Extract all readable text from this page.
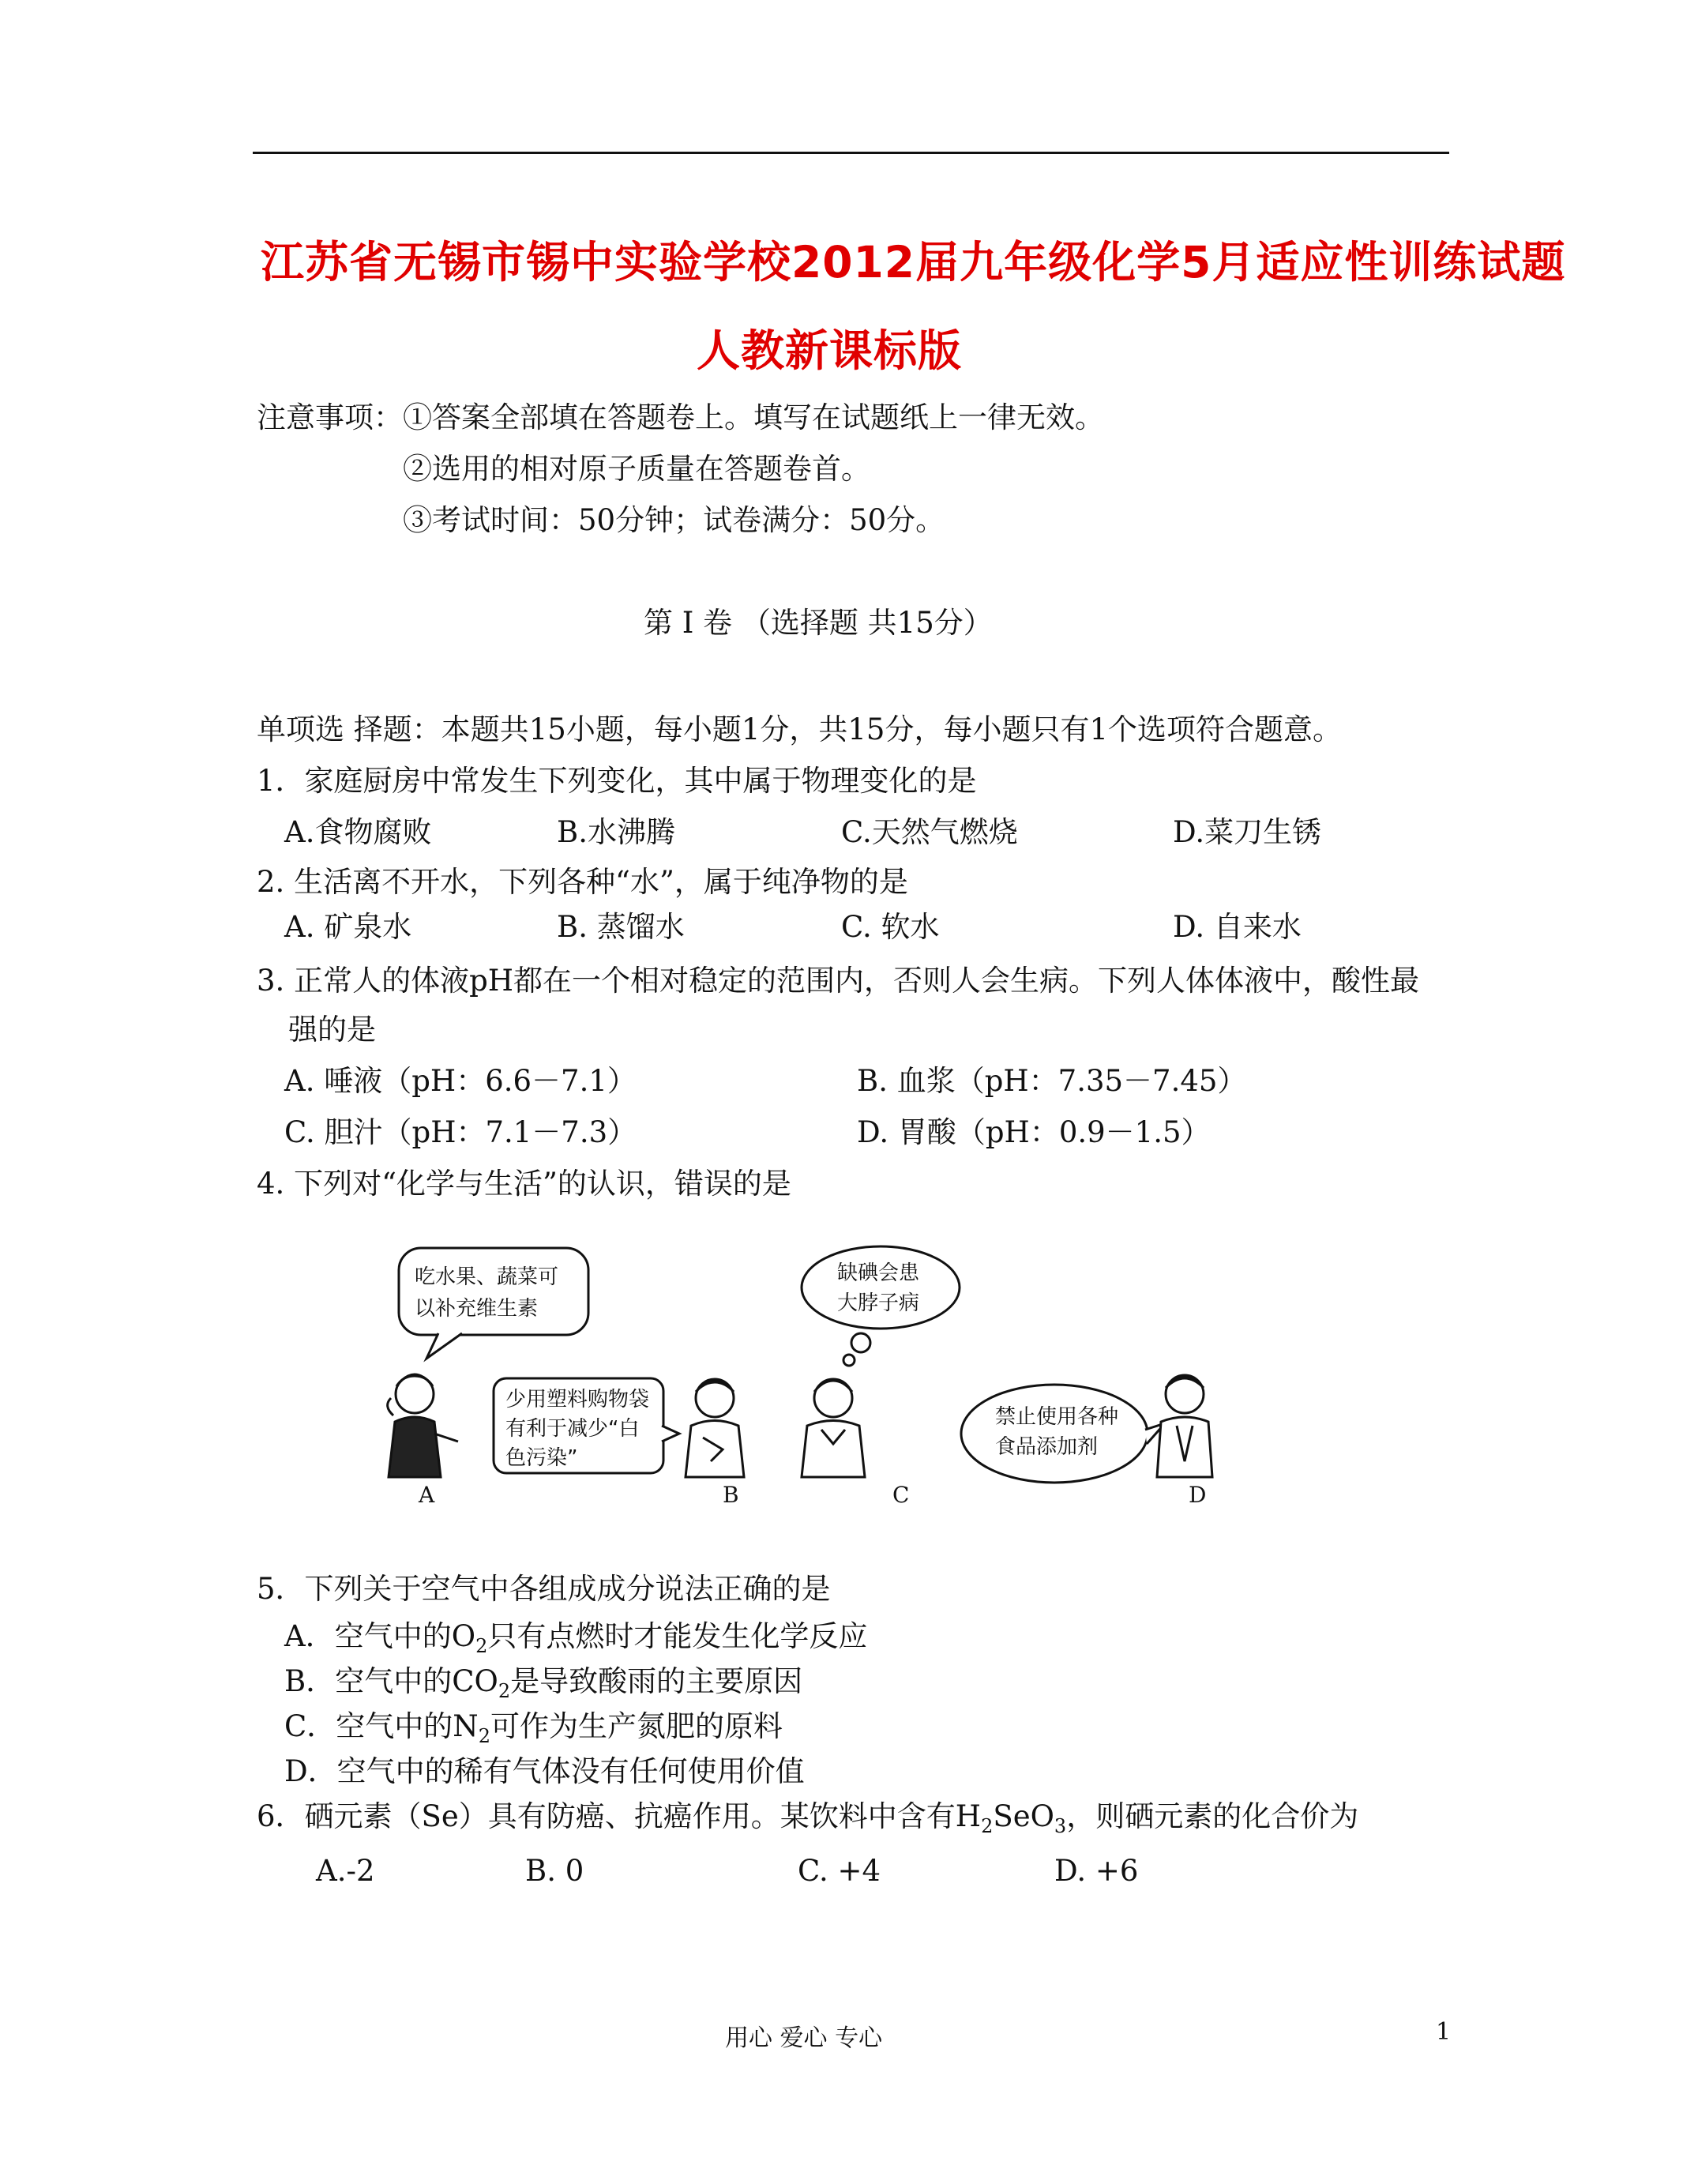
江苏省无锡市锡中实验学校2012届九年级化学5月适应性训练试题
人教新课标版
注意事项： ①答案全部填在答题卷上。填写在试题纸上一律无效。
②选用的相对原子质量在答题卷首。
③考试时间：50分钟；试卷满分：50分。
第 I 卷 （选择题 共15分）
单项选 择题：本题共15小题，每小题1分，共15分，每小题只有1个选项符合题意。
1．家庭厨房中常发生下列变化，其中属于物理变化的是
A.食物腐败	B.水沸腾	C.天然气燃烧	D.菜刀生锈
2. 生活离不开水，下列各种“水”，属于纯净物的是
A. 矿泉水	B. 蒸馏水	C. 软水	D. 自来水
3. 正常人的体液pH都在一个相对稳定的范围内，否则人会生病。下列人体体液中，酸性最
强的是
A. 唾液（pH：6.6－7.1）	B. 血浆（pH：7.35－7.45）
C. 胆汁（pH：7.1－7.3）	D. 胃酸（pH：0.9－1.5）
4. 下列对“化学与生活”的认识，错误的是
吃水果、蔬菜可
以补充维生素
少用塑料购物袋
有利于减少“白
色污染”
缺碘会患
大脖子病
禁止使用各种
食品添加剂
A	B	C	D
5．下列关于空气中各组成成分说法正确的是
A．空气中的$O_2$只有点燃时才能发生化学反应
B．空气中的$CO_2$是导致酸雨的主要原因
C．空气中的$N_2$可作为生产氮肥的原料
D．空气中的稀有气体没有任何使用价值
6．硒元素（Se）具有防癌、抗癌作用。某饮料中含有$H_2SeO_3$，则硒元素的化合价为
A.-2	B. 0	C. +4	D. +6
用心 爱心 专心	1
